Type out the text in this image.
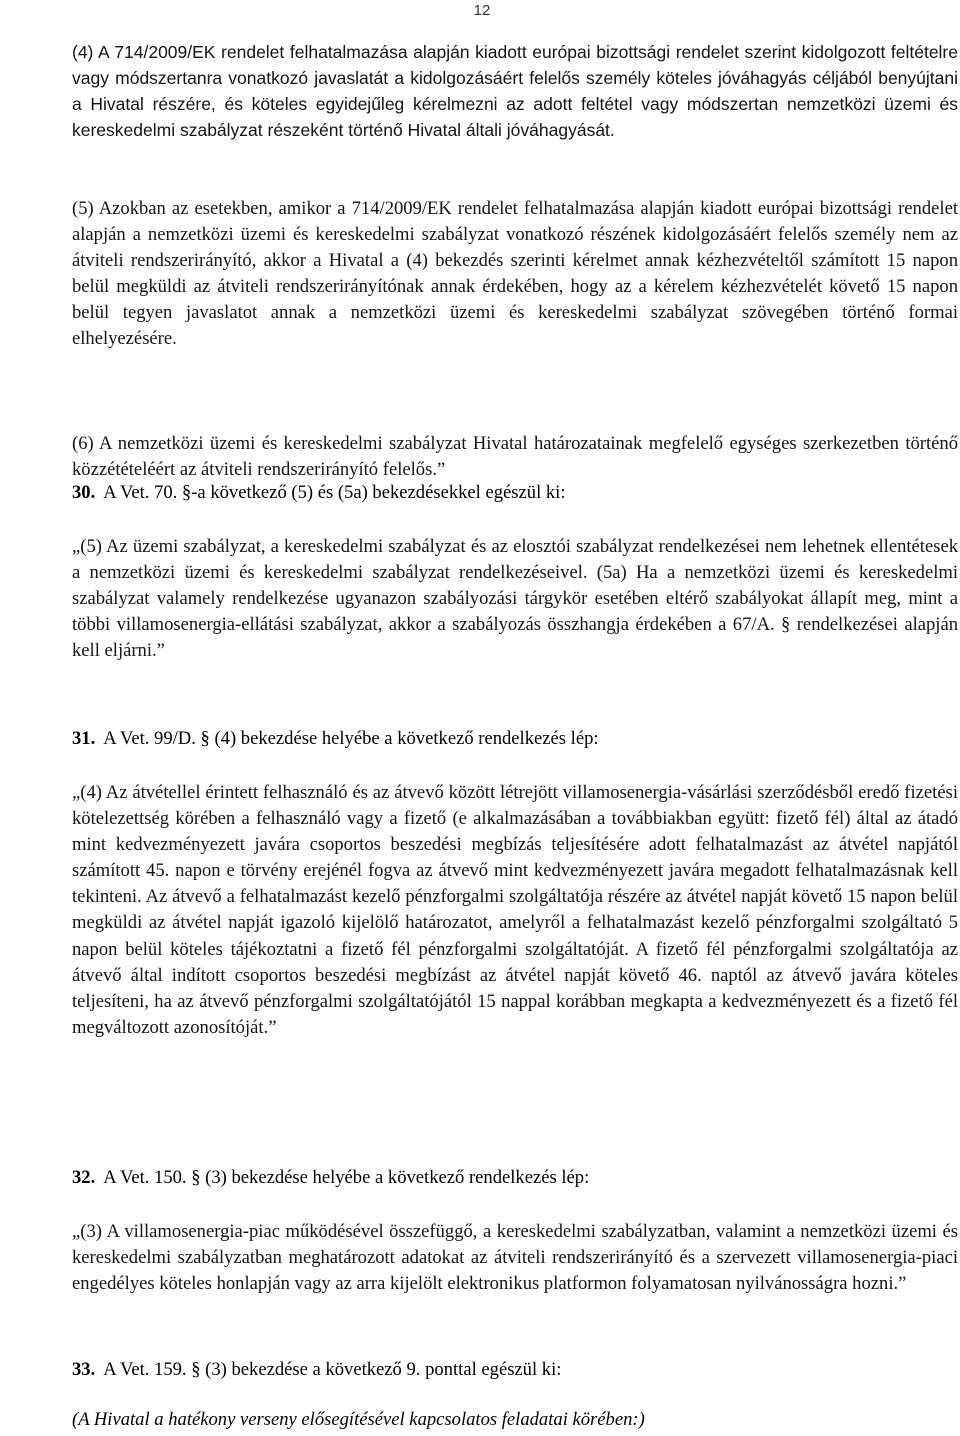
12

(4) A 714/2009/EK rendelet felhatalmazása alapján kiadott európai bizottsági rendelet szerint kidolgozott feltételre vagy módszertanra vonatkozó javaslatát a kidolgozásáért felelős személy köteles jóváhagyás céljából benyújtani a Hivatal részére, és köteles egyidejűleg kérelmezni az adott feltétel vagy módszertan nemzetközi üzemi és kereskedelmi szabályzat részeként történő Hivatal általi jóváhagyását.

(5) Azokban az esetekben, amikor a 714/2009/EK rendelet felhatalmazása alapján kiadott európai bizottsági rendelet alapján a nemzetközi üzemi és kereskedelmi szabályzat vonatkozó részének kidolgozásáért felelős személy nem az átviteli rendszerirányító, akkor a Hivatal a (4) bekezdés szerinti kérelmet annak kézhezvételtől számított 15 napon belül megküldi az átviteli rendszerirányítónak annak érdekében, hogy az a kérelem kézhezvételét követő 15 napon belül tegyen javaslatot annak a nemzetközi üzemi és kereskedelmi szabályzat szövegében történő formai elhelyezésére.

(6) A nemzetközi üzemi és kereskedelmi szabályzat Hivatal határozatainak megfelelő egységes szerkezetben történő közzétételéért az átviteli rendszerirányító felelős.”

30. A Vet. 70. §-a következő (5) és (5a) bekezdésekkel egészül ki:

„(5) Az üzemi szabályzat, a kereskedelmi szabályzat és az elosztói szabályzat rendelkezései nem lehetnek ellentétesek a nemzetközi üzemi és kereskedelmi szabályzat rendelkezéseivel. (5a) Ha a nemzetközi üzemi és kereskedelmi szabályzat valamely rendelkezése ugyanazon szabályozási tárgykör esetében eltérő szabályokat állapít meg, mint a többi villamosenergia-ellátási szabályzat, akkor a szabályozás összhangja érdekében a 67/A. § rendelkezései alapján kell eljárni.”

31. A Vet. 99/D. § (4) bekezdése helyébe a következő rendelkezés lép:

„(4) Az átvétellel érintett felhasználó és az átvevő között létrejött villamosenergia-vásárlási szerződésből eredő fizetési kötelezettség körében a felhasználó vagy a fizető (e alkalmazásában a továbbiakban együtt: fizető fél) által az átadó mint kedvezményezett javára csoportos beszedési megbízás teljesítésére adott felhatalmazást az átvétel napjától számított 45. napon e törvény erejénél fogva az átvevő mint kedvezményezett javára megadott felhatalmazásnak kell tekinteni. Az átvevő a felhatalmazást kezelő pénzforgalmi szolgáltatója részére az átvétel napját követő 15 napon belül megküldi az átvétel napját igazoló kijelölő határozatot, amelyről a felhatalmazást kezelő pénzforgalmi szolgáltató 5 napon belül köteles tájékoztatni a fizető fél pénzforgalmi szolgáltatóját. A fizető fél pénzforgalmi szolgáltatója az átvevő által indított csoportos beszedési megbízást az átvétel napját követő 46. naptól az átvevő javára köteles teljesíteni, ha az átvevő pénzforgalmi szolgáltatójától 15 nappal korábban megkapta a kedvezményezett és a fizető fél megváltozott azonosítóját.”

32. A Vet. 150. § (3) bekezdése helyébe a következő rendelkezés lép:

„(3) A villamosenergia-piac működésével összefüggő, a kereskedelmi szabályzatban, valamint a nemzetközi üzemi és kereskedelmi szabályzatban meghatározott adatokat az átviteli rendszerirányító és a szervezett villamosenergia-piaci engedélyes köteles honlapján vagy az arra kijelölt elektronikus platformon folyamatosan nyilvánosságra hozni.”

33. A Vet. 159. § (3) bekezdése a következő 9. ponttal egészül ki:
(A Hivatal a hatékony verseny elősegítésével kapcsolatos feladatai körében:)
